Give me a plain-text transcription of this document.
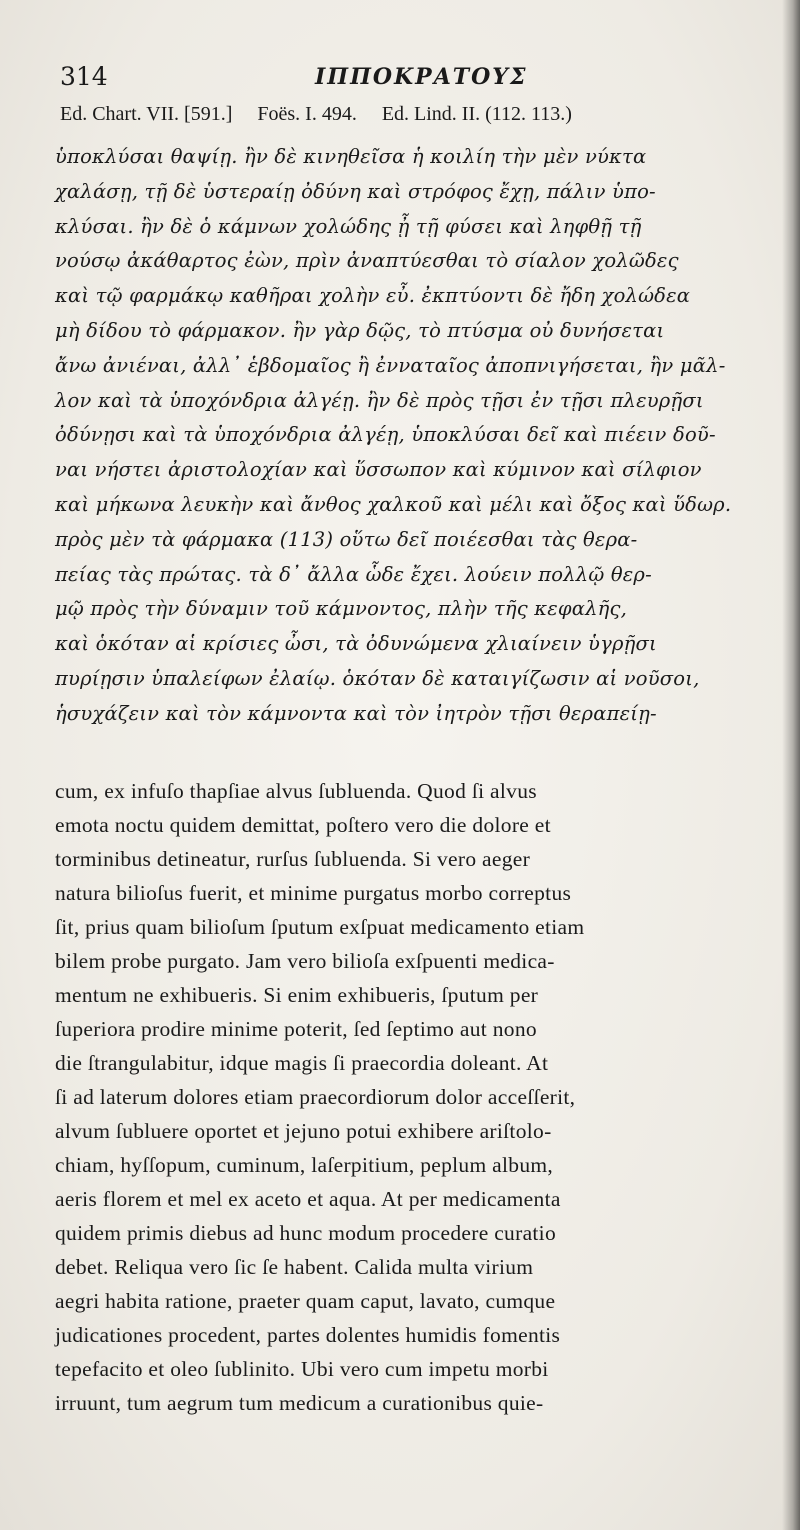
314	ΙΠΠΟΚΡΑΤΟΥΣ
Ed. Chart. VII. [591.]     Foës. I. 494.     Ed. Lind. II. (112. 113.)
ὑποκλύσαι θαψίῃ. ἢν δὲ κινηθεῖσα ἡ κοιλίη τὴν μὲν νύκτα
χαλάσῃ, τῇ δὲ ὑστεραίῃ ὀδύνη καὶ στρόφος ἔχῃ, πάλιν ὑπο-
κλύσαι. ἢν δὲ ὁ κάμνων χολώδης ᾖ τῇ φύσει καὶ ληφθῇ τῇ
νούσῳ ἀκάθαρτος ἐὼν, πρὶν ἀναπτύεσθαι τὸ σίαλον χολῶδες
καὶ τῷ φαρμάκῳ καθῆραι χολὴν εὖ. ἐκπτύοντι δὲ ἤδη χολώδεα
μὴ δίδου τὸ φάρμακον. ἢν γὰρ δῷς, τὸ πτύσμα οὐ δυνήσεται
ἄνω ἀνιέναι, ἀλλ᾽ ἑβδομαῖος ἢ ἐνναταῖος ἀποπνιγήσεται, ἢν μᾶλ-
λον καὶ τὰ ὑποχόνδρια ἀλγέῃ. ἢν δὲ πρὸς τῇσι ἐν τῇσι πλευρῇσι
ὀδύνῃσι καὶ τὰ ὑποχόνδρια ἀλγέῃ, ὑποκλύσαι δεῖ καὶ πιέειν δοῦ-
ναι νήστει ἀριστολοχίαν καὶ ὕσσωπον καὶ κύμινον καὶ σίλφιον
καὶ μήκωνα λευκὴν καὶ ἄνθος χαλκοῦ καὶ μέλι καὶ ὄξος καὶ ὕδωρ.
πρὸς μὲν τὰ φάρμακα (113) οὕτω δεῖ ποιέεσθαι τὰς θερα-
πείας τὰς πρώτας. τὰ δ᾽ ἄλλα ὧδε ἔχει. λούειν πολλῷ θερ-
μῷ πρὸς τὴν δύναμιν τοῦ κάμνοντος, πλὴν τῆς κεφαλῆς,
καὶ ὁκόταν αἱ κρίσιες ὦσι, τὰ ὀδυνώμενα χλιαίνειν ὑγρῇσι
πυρίῃσιν ὑπαλείφων ἐλαίῳ. ὁκόταν δὲ καταιγίζωσιν αἱ νοῦσοι,
ἡσυχάζειν καὶ τὸν κάμνοντα καὶ τὸν ἰητρὸν τῇσι θεραπείῃ-
cum, ex infuſo thapſiae alvus ſubluenda. Quod ſi alvus
emota noctu quidem demittat, poſtero vero die dolore et
torminibus detineatur, rurſus ſubluenda. Si vero aeger
natura bilioſus fuerit, et minime purgatus morbo correptus
ſit, prius quam bilioſum ſputum exſpuat medicamento etiam
bilem probe purgato. Jam vero bilioſa exſpuenti medica-
mentum ne exhibueris. Si enim exhibueris, ſputum per
ſuperiora prodire minime poterit, ſed ſeptimo aut nono
die ſtrangulabitur, idque magis ſi praecordia doleant. At
ſi ad laterum dolores etiam praecordiorum dolor acceſſerit,
alvum ſubluere oportet et jejuno potui exhibere ariſtolo-
chiam, hyſſopum, cuminum, laſerpitium, peplum album,
aeris florem et mel ex aceto et aqua. At per medicamenta
quidem primis diebus ad hunc modum procedere curatio
debet. Reliqua vero ſic ſe habent. Calida multa virium
aegri habita ratione, praeter quam caput, lavato, cumque
judicationes procedent, partes dolentes humidis fomentis
tepefacito et oleo ſublinito. Ubi vero cum impetu morbi
irruunt, tum aegrum tum medicum a curationibus quie-
